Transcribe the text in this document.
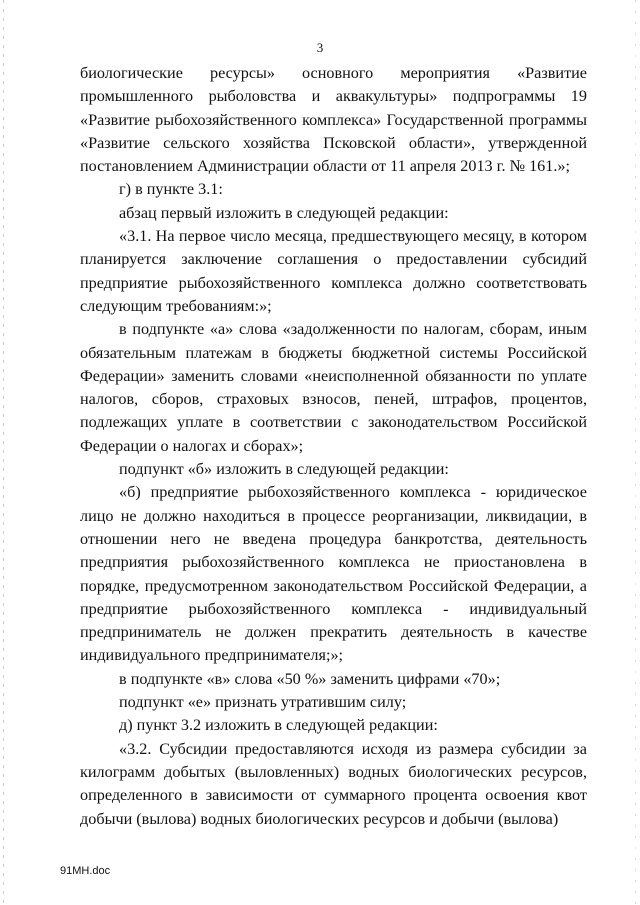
3

биологические ресурсы» основного мероприятия «Развитие промышленного рыболовства и аквакультуры» подпрограммы 19 «Развитие рыбохозяйственного комплекса» Государственной программы «Развитие сельского хозяйства Псковской области», утвержденной постановлением Администрации области от 11 апреля 2013 г. № 161.»;

г) в пункте 3.1:

абзац первый изложить в следующей редакции:

«3.1. На первое число месяца, предшествующего месяцу, в котором планируется заключение соглашения о предоставлении субсидий предприятие рыбохозяйственного комплекса должно соответствовать следующим требованиям:»;

в подпункте «а» слова «задолженности по налогам, сборам, иным обязательным платежам в бюджеты бюджетной системы Российской Федерации» заменить словами «неисполненной обязанности по уплате налогов, сборов, страховых взносов, пеней, штрафов, процентов, подлежащих уплате в соответствии с законодательством Российской Федерации о налогах и сборах»;

подпункт «б» изложить в следующей редакции:

«б) предприятие рыбохозяйственного комплекса - юридическое лицо не должно находиться в процессе реорганизации, ликвидации, в отношении него не введена процедура банкротства, деятельность предприятия рыбохозяйственного комплекса не приостановлена в порядке, предусмотренном законодательством Российской Федерации, а предприятие рыбохозяйственного комплекса - индивидуальный предприниматель не должен прекратить деятельность в качестве индивидуального предпринимателя;»;

в подпункте «в» слова «50 %» заменить цифрами «70»;

подпункт «е» признать утратившим силу;

д) пункт 3.2 изложить в следующей редакции:

«3.2. Субсидии предоставляются исходя из размера субсидии за килограмм добытых (выловленных) водных биологических ресурсов, определенного в зависимости от суммарного процента освоения квот добычи (вылова) водных биологических ресурсов и добычи (вылова)

91МН.doc
